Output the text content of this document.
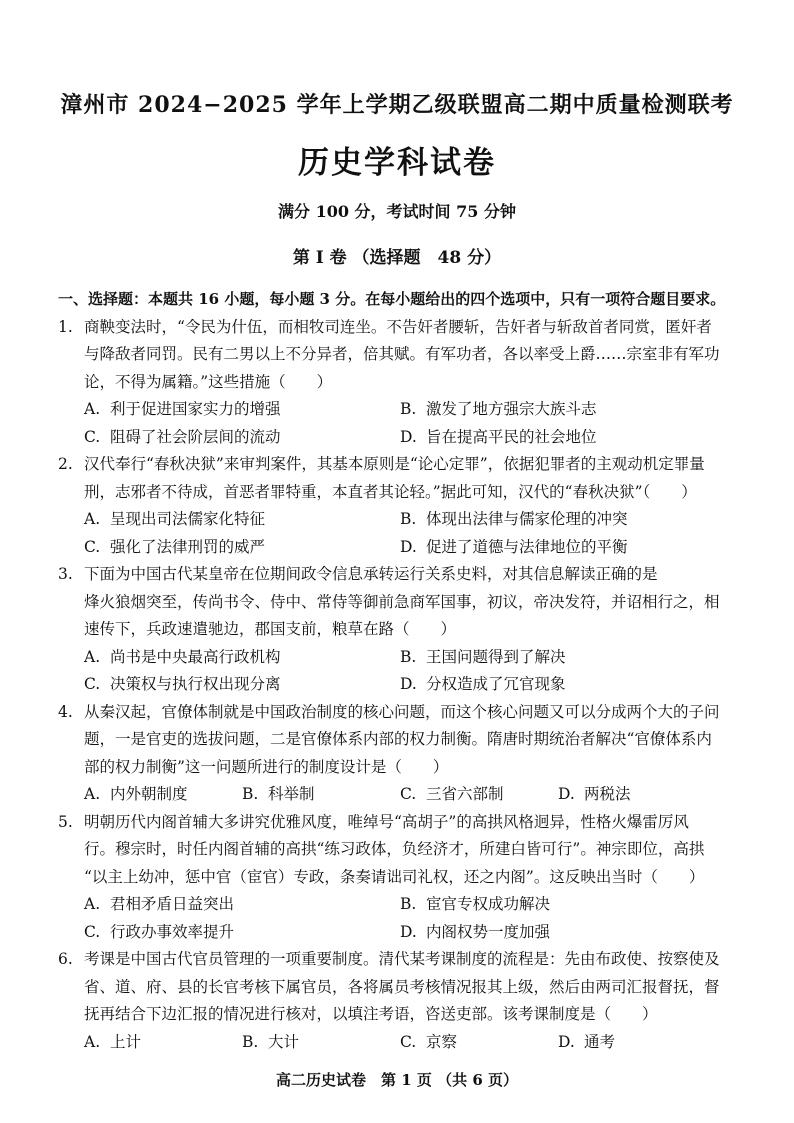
漳州市 2024−2025 学年上学期乙级联盟高二期中质量检测联考
历史学科试卷
满分 100 分，考试时间 75 分钟
第 I 卷 （选择题　48 分）
一、选择题：本题共 16 小题，每小题 3 分。在每小题给出的四个选项中，只有一项符合题目要求。
1. 商鞅变法时，“令民为什伍，而相牧司连坐。不告奸者腰斩，告奸者与斩敌首者同赏，匿奸者
与降敌者同罚。民有二男以上不分异者，倍其赋。有军功者，各以率受上爵……宗室非有军功
论，不得为属籍。”这些措施（　　）
A. 利于促进国家实力的增强	B. 激发了地方强宗大族斗志
C. 阻碍了社会阶层间的流动	D. 旨在提高平民的社会地位
2. 汉代奉行“春秋决狱”来审判案件，其基本原则是“论心定罪”，依据犯罪者的主观动机定罪量
刑，志邪者不待成，首恶者罪特重，本直者其论轻。”据此可知，汉代的“春秋决狱”（　　）
A. 呈现出司法儒家化特征	B. 体现出法律与儒家伦理的冲突
C. 强化了法律刑罚的威严	D. 促进了道德与法律地位的平衡
3. 下面为中国古代某皇帝在位期间政令信息承转运行关系史料，对其信息解读正确的是
烽火狼烟突至，传尚书令、侍中、常侍等御前急商军国事，初议，帝决发符，并诏相行之，相
速传下，兵政速遣驰边，郡国支前，粮草在路（　　）
A. 尚书是中央最高行政机构	B. 王国问题得到了解决
C. 决策权与执行权出现分离	D. 分权造成了冗官现象
4. 从秦汉起，官僚体制就是中国政治制度的核心问题，而这个核心问题又可以分成两个大的子问
题，一是官吏的选拔问题，二是官僚体系内部的权力制衡。隋唐时期统治者解决“官僚体系内
部的权力制衡”这一问题所进行的制度设计是（　　）
A. 内外朝制度	B. 科举制	C. 三省六部制	D. 两税法
5. 明朝历代内阁首辅大多讲究优雅风度，唯绰号“高胡子”的高拱风格迥异，性格火爆雷厉风
行。穆宗时，时任内阁首辅的高拱“练习政体，负经济才，所建白皆可行”。神宗即位，高拱
“以主上幼冲，惩中官（宦官）专政，条奏请诎司礼权，还之内阁”。这反映出当时（　　）
A. 君相矛盾日益突出	B. 宦官专权成功解决
C. 行政办事效率提升	D. 内阁权势一度加强
6. 考课是中国古代官员管理的一项重要制度。清代某考课制度的流程是：先由布政使、按察使及
省、道、府、县的长官考核下属官员，各将属员考核情况报其上级，然后由两司汇报督抚，督
抚再结合下边汇报的情况进行核对，以填注考语，咨送吏部。该考课制度是（　　）
A. 上计	B. 大计	C. 京察	D. 通考
高二历史试卷　第 1 页 （共 6 页）
